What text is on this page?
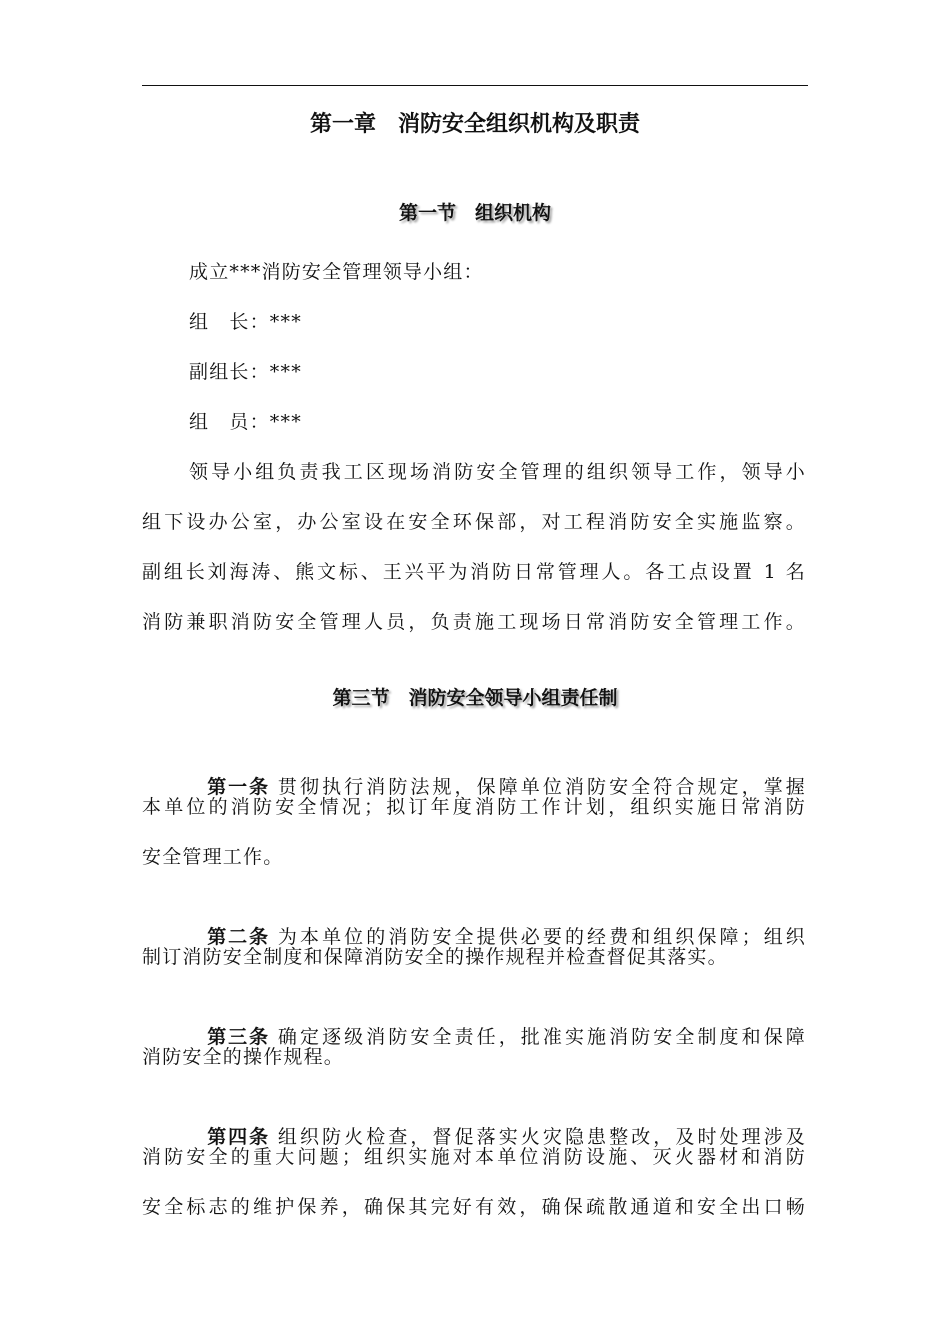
第一章　消防安全组织机构及职责
第一节　组织机构
成立***消防安全管理领导小组：
组　长：***
副组长：***
组　员：***
领导小组负责我工区现场消防安全管理的组织领导工作，领导小
组下设办公室，办公室设在安全环保部，对工程消防安全实施监察。
副组长刘海涛、熊文标、王兴平为消防日常管理人。各工点设置 1 名
消防兼职消防安全管理人员，负责施工现场日常消防安全管理工作。
第三节　消防安全领导小组责任制

第一条 贯彻执行消防法规，保障单位消防安全符合规定，掌握

本单位的消防安全情况；拟订年度消防工作计划，组织实施日常消防
安全管理工作。

第二条 为本单位的消防安全提供必要的经费和组织保障；组织

制订消防安全制度和保障消防安全的操作规程并检查督促其落实。

第三条 确定逐级消防安全责任，批准实施消防安全制度和保障

消防安全的操作规程。

第四条 组织防火检查，督促落实火灾隐患整改，及时处理涉及

消防安全的重大问题；组织实施对本单位消防设施、灭火器材和消防
安全标志的维护保养，确保其完好有效，确保疏散通道和安全出口畅
